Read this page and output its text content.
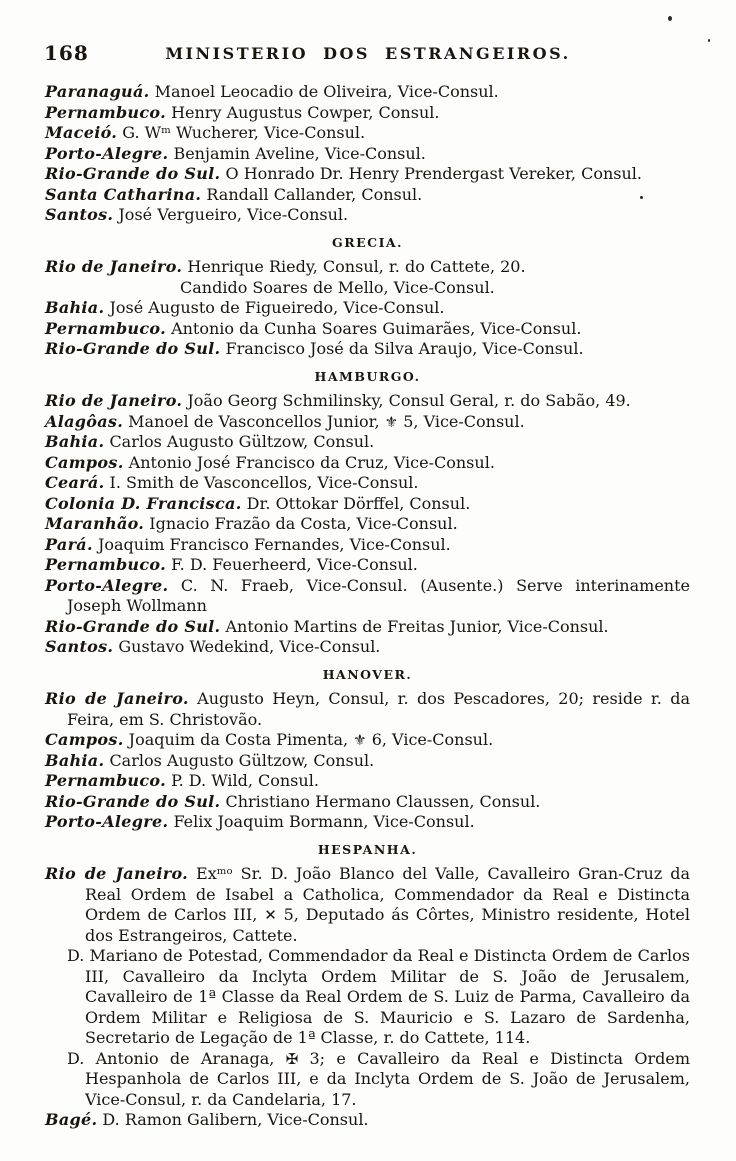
168	MINISTERIO DOS ESTRANGEIROS.

Paranaguá. Manoel Leocadio de Oliveira, Vice-Consul.

Pernambuco. Henry Augustus Cowper, Consul.

Maceió. G. Wᵐ Wucherer, Vice-Consul.

Porto-Alegre. Benjamin Aveline, Vice-Consul.

Rio-Grande do Sul. O Honrado Dr. Henry Prendergast Vereker, Consul.

Santa Catharina. Randall Callander, Consul.

Santos. José Vergueiro, Vice-Consul.

GRECIA.

Rio de Janeiro. Henrique Riedy, Consul, r. do Cattete, 20.

Candido Soares de Mello, Vice-Consul.

Bahia. José Augusto de Figueiredo, Vice-Consul.

Pernambuco. Antonio da Cunha Soares Guimarães, Vice-Consul.

Rio-Grande do Sul. Francisco José da Silva Araujo, Vice-Consul.

HAMBURGO.

Rio de Janeiro. João Georg Schmilinsky, Consul Geral, r. do Sabão, 49.

Alagôas. Manoel de Vasconcellos Junior, ⚜ 5, Vice-Consul.

Bahia. Carlos Augusto Gültzow, Consul.

Campos. Antonio José Francisco da Cruz, Vice-Consul.

Ceará. I. Smith de Vasconcellos, Vice-Consul.

Colonia D. Francisca. Dr. Ottokar Dörffel, Consul.

Maranhão. Ignacio Frazão da Costa, Vice-Consul.

Pará. Joaquim Francisco Fernandes, Vice-Consul.

Pernambuco. F. D. Feuerheerd, Vice-Consul.

Porto-Alegre. C. N. Fraeb, Vice-Consul. (Ausente.) Serve interinamente Joseph Wollmann

Rio-Grande do Sul. Antonio Martins de Freitas Junior, Vice-Consul.

Santos. Gustavo Wedekind, Vice-Consul.

HANOVER.

Rio de Janeiro. Augusto Heyn, Consul, r. dos Pescadores, 20; reside r. da Feira, em S. Christovão.

Campos. Joaquim da Costa Pimenta, ⚜ 6, Vice-Consul.

Bahia. Carlos Augusto Gültzow, Consul.

Pernambuco. P. D. Wild, Consul.

Rio-Grande do Sul. Christiano Hermano Claussen, Consul.

Porto-Alegre. Felix Joaquim Bormann, Vice-Consul.

HESPANHA.

Rio de Janeiro. Exᵐᵒ Sr. D. João Blanco del Valle, Cavalleiro Gran-Cruz da Real Ordem de Isabel a Catholica, Commendador da Real e Distincta Ordem de Carlos III, ✕ 5, Deputado ás Côrtes, Ministro residente, Hotel dos Estrangeiros, Cattete.

D. Mariano de Potestad, Commendador da Real e Distincta Ordem de Carlos III, Cavalleiro da Inclyta Ordem Militar de S. João de Jerusalem, Cavalleiro de 1ª Classe da Real Ordem de S. Luiz de Parma, Cavalleiro da Ordem Militar e Religiosa de S. Mauricio e S. Lazaro de Sardenha, Secretario de Legação de 1ª Classe, r. do Cattete, 114.

D. Antonio de Aranaga, ✠ 3; e Cavalleiro da Real e Distincta Ordem Hespanhola de Carlos III, e da Inclyta Ordem de S. João de Jerusalem, Vice-Consul, r. da Candelaria, 17.

Bagé. D. Ramon Galibern, Vice-Consul.
